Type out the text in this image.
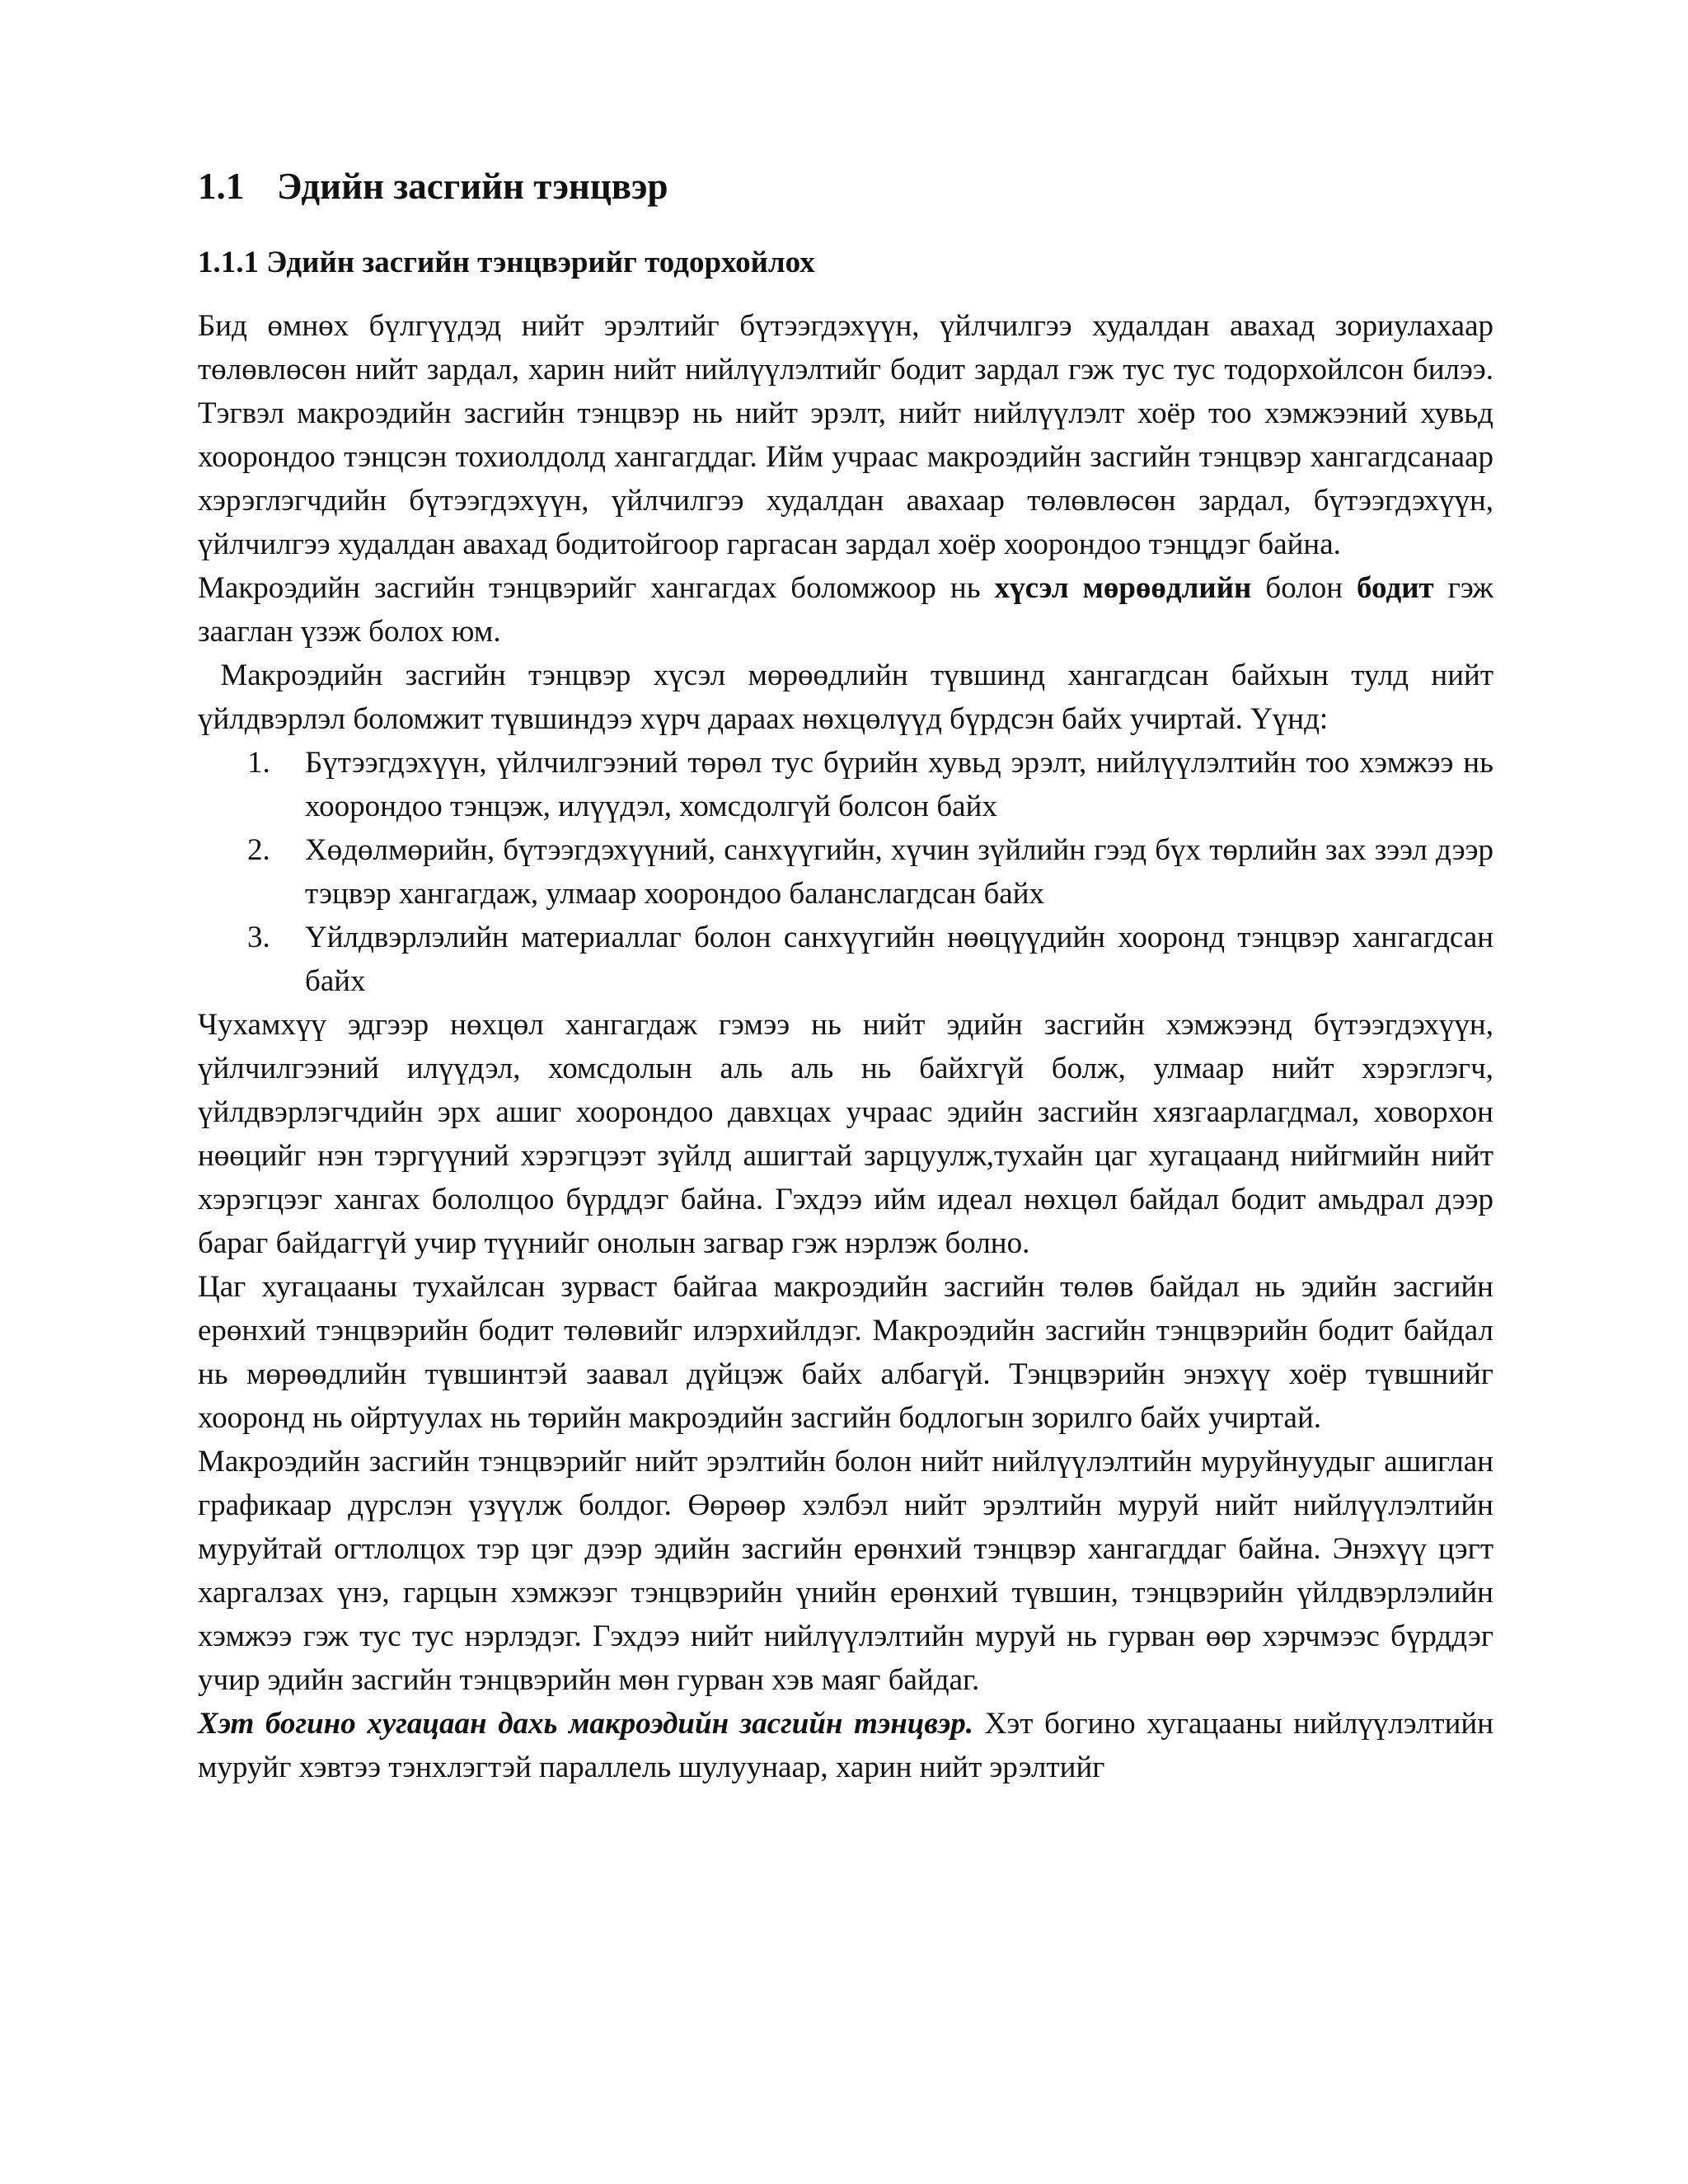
1.1 Эдийн засгийн тэнцвэр
1.1.1 Эдийн засгийн тэнцвэрийг тодорхойлох

Бид өмнөх бүлгүүдэд нийт эрэлтийг бүтээгдэхүүн, үйлчилгээ худалдан авахад зориулахаар төлөвлөсөн нийт зардал, харин нийт нийлүүлэлтийг бодит зардал гэж тус тус тодорхойлсон билээ. Тэгвэл макроэдийн засгийн тэнцвэр нь нийт эрэлт, нийт нийлүүлэлт хоёр тоо хэмжээний хувьд хоорондоо тэнцсэн тохиолдолд хангагддаг. Ийм учраас макроэдийн засгийн тэнцвэр хангагдсанаар хэрэглэгчдийн бүтээгдэхүүн, үйлчилгээ худалдан авахаар төлөвлөсөн зардал, бүтээгдэхүүн, үйлчилгээ худалдан авахад бодитойгоор гаргасан зардал хоёр хоорондоо тэнцдэг байна.

Макроэдийн засгийн тэнцвэрийг хангагдах боломжоор нь хүсэл мөрөөдлийн болон бодит гэж зааглан үзэж болох юм.

Макроэдийн засгийн тэнцвэр хүсэл мөрөөдлийн түвшинд хангагдсан байхын тулд нийт үйлдвэрлэл боломжит түвшиндээ хүрч дараах нөхцөлүүд бүрдсэн байх учиртай. Үүнд:

1.	Бүтээгдэхүүн, үйлчилгээний төрөл тус бүрийн хувьд эрэлт, нийлүүлэлтийн тоо хэмжээ нь хоорондоо тэнцэж, илүүдэл, хомсдолгүй болсон байх
2.	Хөдөлмөрийн, бүтээгдэхүүний, санхүүгийн, хүчин зүйлийн гээд бүх төрлийн зах зээл дээр тэцвэр хангагдаж, улмаар хоорондоо баланслагдсан байх
3.	Үйлдвэрлэлийн материаллаг болон санхүүгийн нөөцүүдийн хооронд тэнцвэр хангагдсан байх

Чухамхүү эдгээр нөхцөл хангагдаж гэмээ нь нийт эдийн засгийн хэмжээнд бүтээгдэхүүн, үйлчилгээний илүүдэл, хомсдолын аль аль нь байхгүй болж, улмаар нийт хэрэглэгч, үйлдвэрлэгчдийн эрх ашиг хоорондоо давхцах учраас эдийн засгийн хязгаарлагдмал, ховорхон нөөцийг нэн тэргүүний хэрэгцээт зүйлд ашигтай зарцуулж,тухайн цаг хугацаанд нийгмийн нийт хэрэгцээг хангах бололцоо бүрддэг байна. Гэхдээ ийм идеал нөхцөл байдал бодит амьдрал дээр бараг байдаггүй учир түүнийг онолын загвар гэж нэрлэж болно.

Цаг хугацааны тухайлсан зурваст байгаа макроэдийн засгийн төлөв байдал нь эдийн засгийн ерөнхий тэнцвэрийн бодит төлөвийг илэрхийлдэг. Макроэдийн засгийн тэнцвэрийн бодит байдал нь мөрөөдлийн түвшинтэй заавал дүйцэж байх албагүй. Тэнцвэрийн энэхүү хоёр түвшнийг хооронд нь ойртуулах нь төрийн макроэдийн засгийн бодлогын зорилго байх учиртай.

Макроэдийн засгийн тэнцвэрийг нийт эрэлтийн болон нийт нийлүүлэлтийн муруйнуудыг ашиглан графикаар дүрслэн үзүүлж болдог. Өөрөөр хэлбэл нийт эрэлтийн муруй нийт нийлүүлэлтийн муруйтай огтлолцох тэр цэг дээр эдийн засгийн ерөнхий тэнцвэр хангагддаг байна. Энэхүү цэгт харгалзах үнэ, гарцын хэмжээг тэнцвэрийн үнийн ерөнхий түвшин, тэнцвэрийн үйлдвэрлэлийн хэмжээ гэж тус тус нэрлэдэг. Гэхдээ нийт нийлүүлэлтийн муруй нь гурван өөр хэрчмээс бүрддэг учир эдийн засгийн тэнцвэрийн мөн гурван хэв маяг байдаг.

Хэт богино хугацаан дахь макроэдийн засгийн тэнцвэр. Хэт богино хугацааны нийлүүлэлтийн муруйг хэвтээ тэнхлэгтэй параллель шулуунаар, харин нийт эрэлтийг
